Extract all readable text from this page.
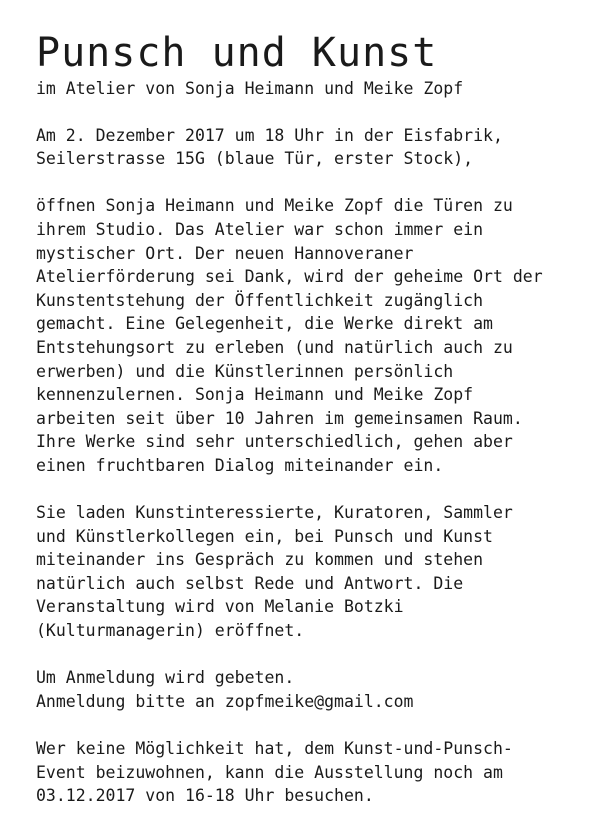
Punsch und Kunst
im Atelier von Sonja Heimann und Meike Zopf
Am 2. Dezember 2017 um 18 Uhr in der Eisfabrik,
Seilerstrasse 15G (blaue Tür, erster Stock),
öffnen Sonja Heimann und Meike Zopf die Türen zu
ihrem Studio. Das Atelier war schon immer ein
mystischer Ort. Der neuen Hannoveraner
Atelierförderung sei Dank, wird der geheime Ort der
Kunstentstehung der Öffentlichkeit zugänglich
gemacht. Eine Gelegenheit, die Werke direkt am
Entstehungsort zu erleben (und natürlich auch zu
erwerben) und die Künstlerinnen persönlich
kennenzulernen. Sonja Heimann und Meike Zopf
arbeiten seit über 10 Jahren im gemeinsamen Raum.
Ihre Werke sind sehr unterschiedlich, gehen aber
einen fruchtbaren Dialog miteinander ein.
Sie laden Kunstinteressierte, Kuratoren, Sammler
und Künstlerkollegen ein, bei Punsch und Kunst
miteinander ins Gespräch zu kommen und stehen
natürlich auch selbst Rede und Antwort. Die
Veranstaltung wird von Melanie Botzki
(Kulturmanagerin) eröffnet.
Um Anmeldung wird gebeten.
Anmeldung bitte an zopfmeike@gmail.com
Wer keine Möglichkeit hat, dem Kunst-und-Punsch-
Event beizuwohnen, kann die Ausstellung noch am
03.12.2017 von 16-18 Uhr besuchen.
